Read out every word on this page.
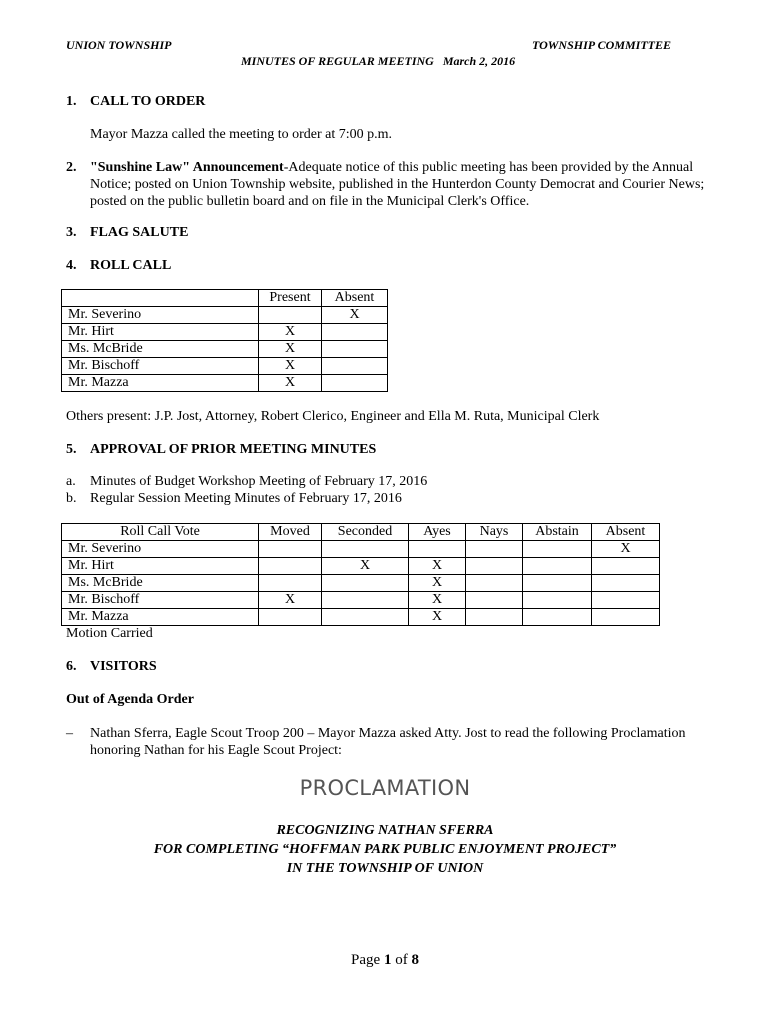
UNION TOWNSHIP	TOWNSHIP COMMITTEE
MINUTES OF REGULAR MEETING   March 2, 2016
1. CALL TO ORDER
Mayor Mazza called the meeting to order at 7:00 p.m.

2. "Sunshine Law" Announcement-Adequate notice of this public meeting has been provided by the Annual

Notice; posted on Union Township website, published in the Hunterdon County Democrat and Courier News;

posted on the public bulletin board and on file in the Municipal Clerk's Office.

3. FLAG SALUTE
4. ROLL CALL
	Present	Absent
Mr. Severino		X
Mr. Hirt	X	
Ms. McBride	X	
Mr. Bischoff	X	
Mr. Mazza	X	
Others present: J.P. Jost, Attorney, Robert Clerico, Engineer and Ella M. Ruta, Municipal Clerk
5. APPROVAL OF PRIOR MEETING MINUTES
a. Minutes of Budget Workshop Meeting of February 17, 2016
b. Regular Session Meeting Minutes of February 17, 2016
Roll Call Vote	Moved	Seconded	Ayes	Nays	Abstain	Absent
Mr. Severino						X
Mr. Hirt		X	X			
Ms. McBride			X			
Mr. Bischoff	X		X			
Mr. Mazza			X			
Motion Carried
6. VISITORS
Out of Agenda Order

– Nathan Sferra, Eagle Scout Troop 200 – Mayor Mazza asked Atty. Jost to read the following Proclamation

honoring Nathan for his Eagle Scout Project:

PROCLAMATION
RECOGNIZING NATHAN SFERRA
FOR COMPLETING “HOFFMAN PARK PUBLIC ENJOYMENT PROJECT”
IN THE TOWNSHIP OF UNION
Page 1 of 8
